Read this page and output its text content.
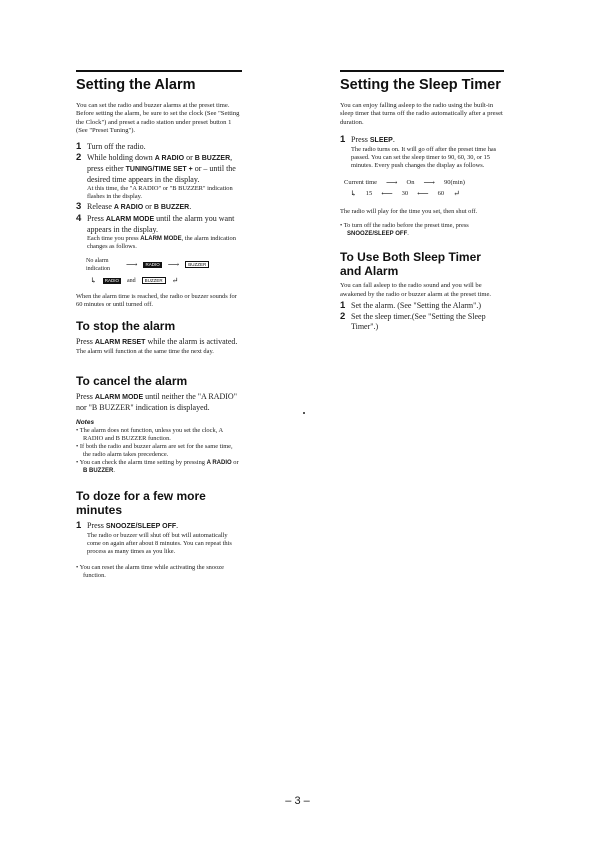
Setting the Alarm

You can set the radio and buzzer alarms at the preset time. Before setting the alarm, be sure to set the clock (See "Setting the Clock") and preset a radio station under preset button 1 (See "Preset Tuning").

1 Turn off the radio.
2 While holding down A RADIO or B BUZZER, press either TUNING/TIME SET + or – until the desired time appears in the display.
At this time, the "A RADIO" or "B BUZZER" indication flashes in the display.
3 Release A RADIO or B BUZZER.
4 Press ALARM MODE until the alarm you want appears in the display.
Each time you press ALARM MODE, the alarm indication changes as follows.
No alarm indication	⟶	RADIO ⟶	BUZZER
↳	RADIO	and	BUZZER	↵

When the alarm time is reached, the radio or buzzer sounds for 60 minutes or until turned off.

To stop the alarm

Press ALARM RESET while the alarm is activated.

The alarm will function at the same time the next day.

To cancel the alarm

Press ALARM MODE until neither the "A RADIO" nor "B BUZZER" indication is displayed.

Notes

• The alarm does not function, unless you set the clock, A RADIO and B BUZZER function.

• If both the radio and buzzer alarm are set for the same time, the radio alarm takes precedence.

• You can check the alarm time setting by pressing A RADIO or B BUZZER.

To doze for a few more minutes
1 Press SNOOZE/SLEEP OFF.
The radio or buzzer will shut off but will automatically come on again after about 8 minutes. You can repeat this process as many times as you like.

• You can reset the alarm time while activating the snooze function.

Setting the Sleep Timer

You can enjoy falling asleep to the radio using the built-in sleep timer that turns off the radio automatically after a preset duration.

1 Press SLEEP.
The radio turns on. It will go off after the preset time has passed. You can set the sleep timer to 90, 60, 30, or 15 minutes. Every push changes the display as follows.
Current time ⟶ On ⟶ 90(min)
↳ 15 ⟵ 30 ⟵ 60 ↵

The radio will play for the time you set, then shut off.

• To turn off the radio before the preset time, press SNOOZE/SLEEP OFF.

To Use Both Sleep Timer and Alarm

You can fall asleep to the radio sound and you will be awakened by the radio or buzzer alarm at the preset time.

1 Set the alarm. (See "Setting the Alarm".)
2 Set the sleep timer.(See "Setting the Sleep Timer".)
– 3 –
